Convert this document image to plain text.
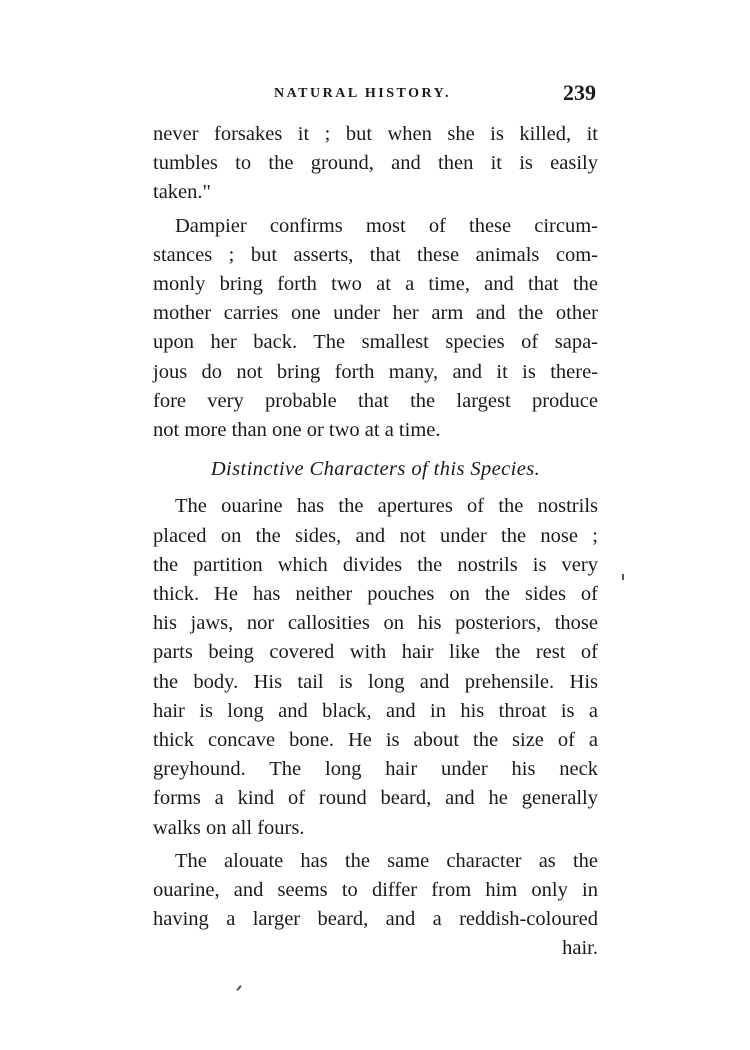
NATURAL HISTORY.	239

never forsakes it ; but when she is killed, it
tumbles to the ground, and then it is easily
taken."

Dampier confirms most of these circum-
stances ; but asserts, that these animals com-
monly bring forth two at a time, and that the
mother carries one under her arm and the other
upon her back. The smallest species of sapa-
jous do not bring forth many, and it is there-
fore very probable that the largest produce
not more than one or two at a time.

Distinctive Characters of this Species.

The ouarine has the apertures of the nostrils
placed on the sides, and not under the nose ;
the partition which divides the nostrils is very
thick. He has neither pouches on the sides of
his jaws, nor callosities on his posteriors, those
parts being covered with hair like the rest of
the body. His tail is long and prehensile. His
hair is long and black, and in his throat is a
thick concave bone. He is about the size of a
greyhound. The long hair under his neck
forms a kind of round beard, and he generally
walks on all fours.

The alouate has the same character as the
ouarine, and seems to differ from him only in
having a larger beard, and a reddish-coloured
hair.
